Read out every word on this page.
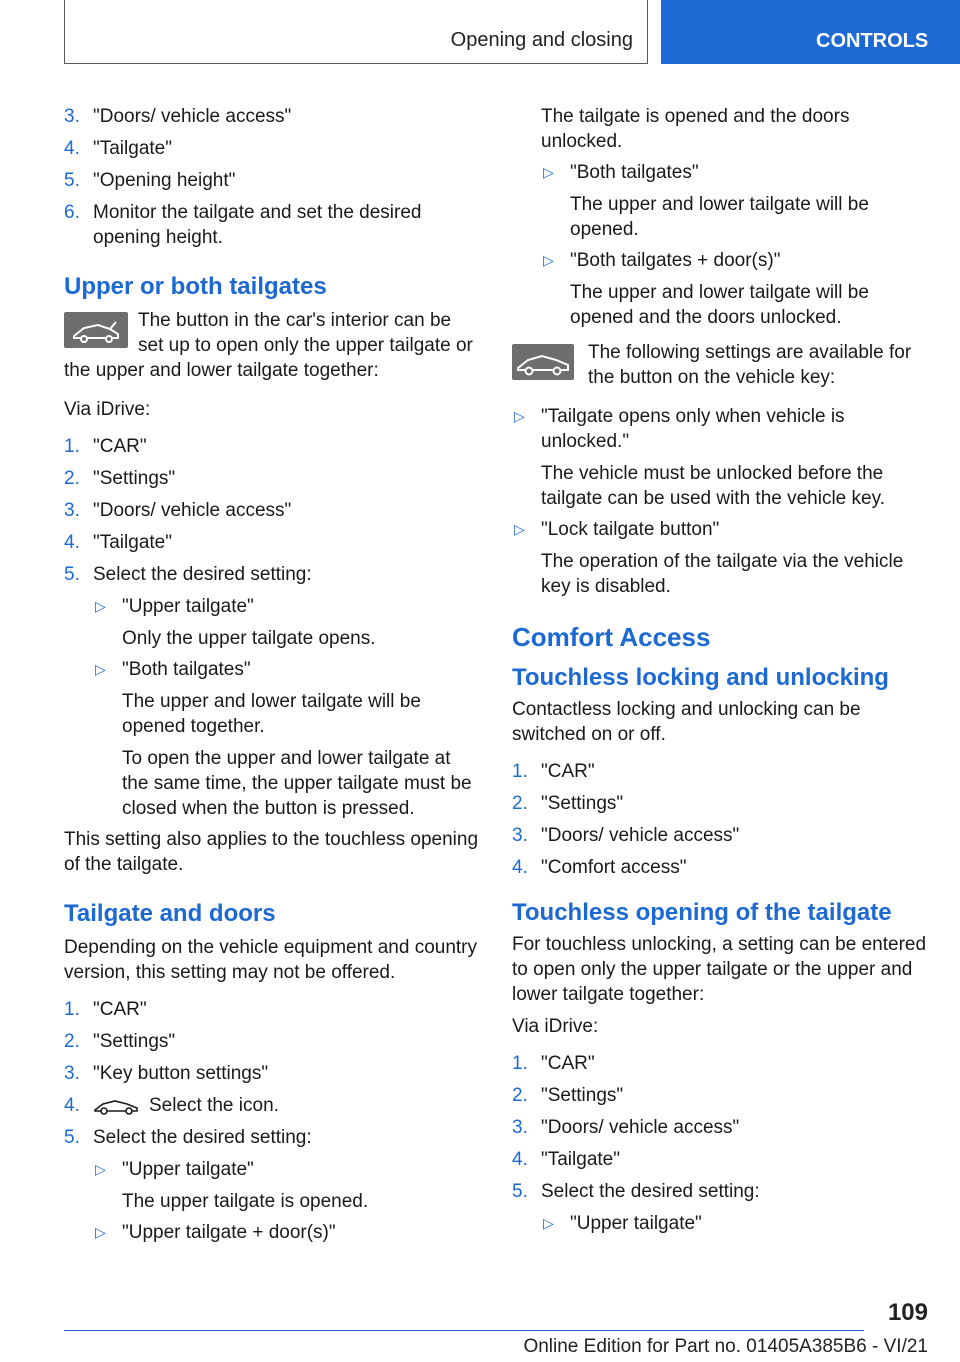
Opening and closing	CONTROLS
3. "Doors/ vehicle access"
4. "Tailgate"
5. "Opening height"
6. Monitor the tailgate and set the desired opening height.
Upper or both tailgates
The button in the car's interior can be set up to open only the upper tailgate or the upper and lower tailgate together:
Via iDrive:
1. "CAR"
2. "Settings"
3. "Doors/ vehicle access"
4. "Tailgate"
5. Select the desired setting:
▷ "Upper tailgate"
Only the upper tailgate opens.
▷ "Both tailgates"
The upper and lower tailgate will be opened together.
To open the upper and lower tailgate at the same time, the upper tailgate must be closed when the button is pressed.
This setting also applies to the touchless opening of the tailgate.
Tailgate and doors
Depending on the vehicle equipment and country version, this setting may not be offered.
1. "CAR"
2. "Settings"
3. "Key button settings"
4.	Select the icon.
5. Select the desired setting:
▷ "Upper tailgate"
The upper tailgate is opened.
▷ "Upper tailgate + door(s)"
The tailgate is opened and the doors unlocked.
▷ "Both tailgates"
The upper and lower tailgate will be opened.
▷ "Both tailgates + door(s)"
The upper and lower tailgate will be opened and the doors unlocked.
The following settings are available for the button on the vehicle key:
▷ "Tailgate opens only when vehicle is unlocked."
The vehicle must be unlocked before the tailgate can be used with the vehicle key.
▷ "Lock tailgate button"
The operation of the tailgate via the vehicle key is disabled.
Comfort Access
Touchless locking and unlocking
Contactless locking and unlocking can be switched on or off.
1. "CAR"
2. "Settings"
3. "Doors/ vehicle access"
4. "Comfort access"
Touchless opening of the tailgate
For touchless unlocking, a setting can be entered to open only the upper tailgate or the upper and lower tailgate together:
Via iDrive:
1. "CAR"
2. "Settings"
3. "Doors/ vehicle access"
4. "Tailgate"
5. Select the desired setting:
▷ "Upper tailgate"
109
Online Edition for Part no. 01405A385B6 - VI/21
